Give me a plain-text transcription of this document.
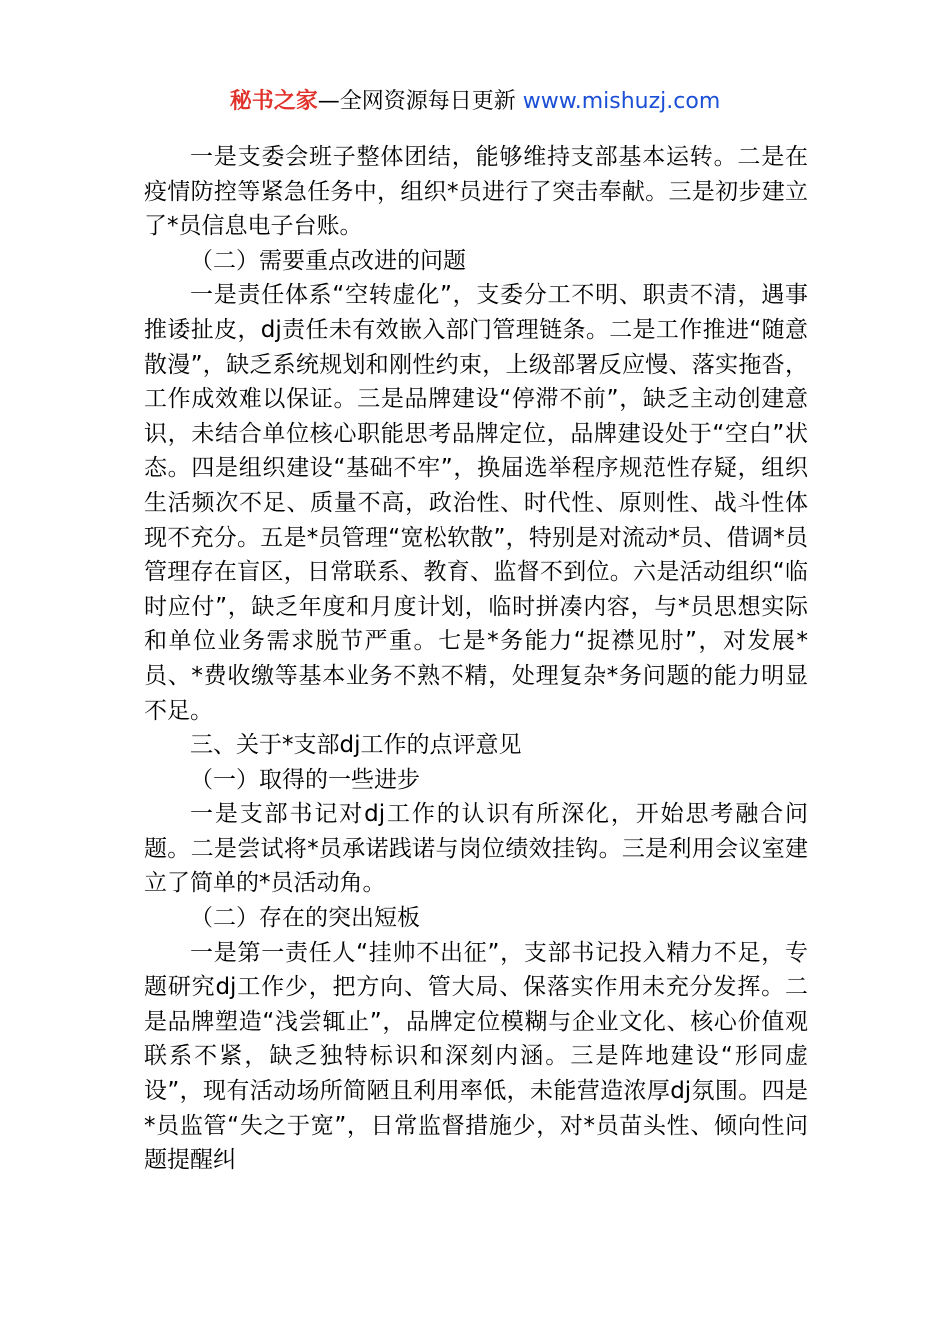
秘书之家—全网资源每日更新 www.mishuzj.com

一是支委会班子整体团结，能够维持支部基本运转。二是在疫情防控等紧急任务中，组织*员进行了突击奉献。三是初步建立了*员信息电子台账。

（二）需要重点改进的问题

一是责任体系“空转虚化”，支委分工不明、职责不清，遇事推诿扯皮，dj责任未有效嵌入部门管理链条。二是工作推进“随意散漫”，缺乏系统规划和刚性约束，上级部署反应慢、落实拖沓，工作成效难以保证。三是品牌建设“停滞不前”，缺乏主动创建意识，未结合单位核心职能思考品牌定位，品牌建设处于“空白”状态。四是组织建设“基础不牢”，换届选举程序规范性存疑，组织生活频次不足、质量不高，政治性、时代性、原则性、战斗性体现不充分。五是*员管理“宽松软散”，特别是对流动*员、借调*员管理存在盲区，日常联系、教育、监督不到位。六是活动组织“临时应付”，缺乏年度和月度计划，临时拼凑内容，与*员思想实际和单位业务需求脱节严重。七是*务能力“捉襟见肘”，对发展*员、*费收缴等基本业务不熟不精，处理复杂*务问题的能力明显不足。

三、关于*支部dj工作的点评意见

（一）取得的一些进步

一是支部书记对dj工作的认识有所深化，开始思考融合问题。二是尝试将*员承诺践诺与岗位绩效挂钩。三是利用会议室建立了简单的*员活动角。

（二）存在的突出短板

一是第一责任人“挂帅不出征”，支部书记投入精力不足，专题研究dj工作少，把方向、管大局、保落实作用未充分发挥。二是品牌塑造“浅尝辄止”，品牌定位模糊与企业文化、核心价值观联系不紧，缺乏独特标识和深刻内涵。三是阵地建设“形同虚设”，现有活动场所简陋且利用率低，未能营造浓厚dj氛围。四是*员监管“失之于宽”，日常监督措施少，对*员苗头性、倾向性问题提醒纠
